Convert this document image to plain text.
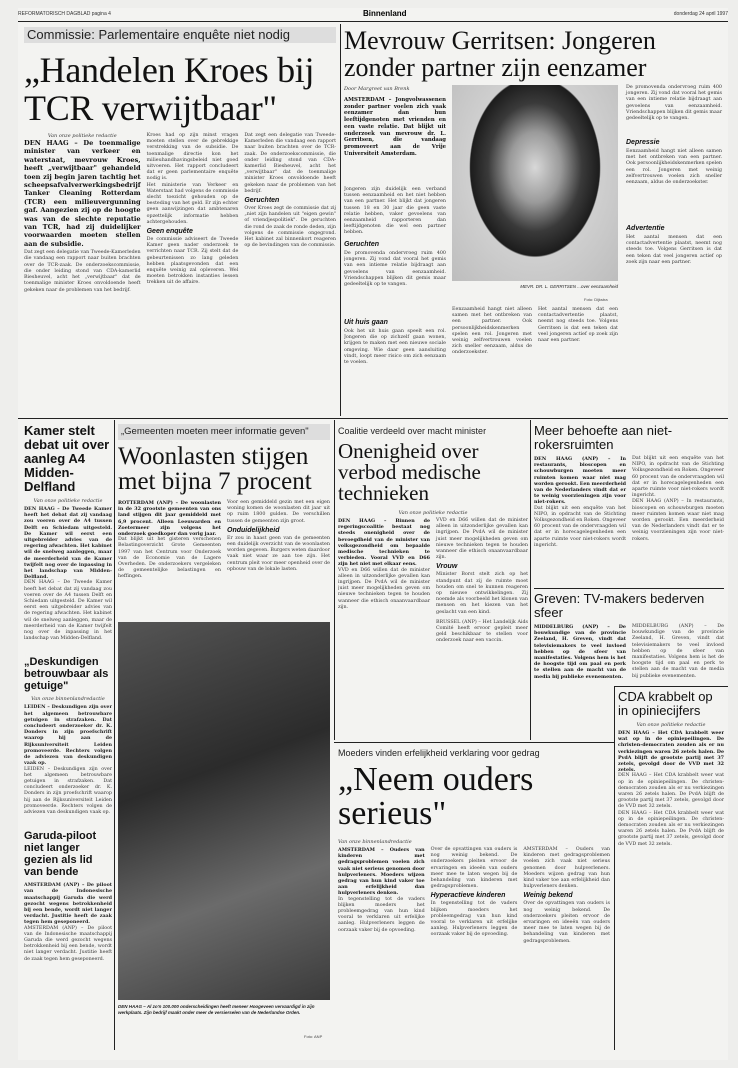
REFORMATORISCH DAGBLAD pagina 4	Binnenland	donderdag 24 april 1997
Commissie: Parlementaire enquête niet nodig
„Handelen Kroes bij TCR verwijtbaar"
Van onze politieke redactie
DEN HAAG – De toenmalige minister van verkeer en waterstaat, mevrouw Kroes, heeft „verwijtbaar" gehandeld toen zij begin jaren tachtig het scheepsafvalverwerkingsbedrijf Tanker Cleaning Rotterdam (TCR) een milieuvergunning gaf. Aangezien zij op de hoogte was van de slechte reputatie van TCR, had zij duidelijker voorwaarden moeten stellen aan de subsidie.
Dat zegt een delegatie van Tweede-Kamerleden die vandaag een rapport naar buiten brachten over de TCR-zaak. De onderzoekscommissie, die onder leiding stond van CDA-kamerlid Biesheuvel, acht het „verwijtbaar" dat de toenmalige minister Kroes onvoldoende heeft gekeken naar de problemen van het bedrijf.
Kroes had op zijn minst vragen moeten stellen over de gebrekkige verstrekking van de subsidie. De toenmalige directie kon het milieuhandhavingsbeleid niet goed uitvoeren. Het rapport concludeert dat er geen parlementaire enquête nodig is.
Het ministerie van Verkeer en Waterstaat had volgens de commissie slecht toezicht gehouden op de besteding van het geld. Er zijn echter geen aanwijzingen dat ambtenaren opzettelijk informatie hebben achtergehouden.
Geen enquête
De commissie adviseert de Tweede Kamer geen nader onderzoek te verrichten naar TCR. Zij stelt dat de gebeurtenissen zo lang geleden hebben plaatsgevonden dat een enquête weinig zal opleveren. Wel moeten betrokken instanties lessen trekken uit de affaire.
Dat zegt een delegatie van Tweede-Kamerleden die vandaag een rapport naar buiten brachten over de TCR-zaak. De onderzoekscommissie, die onder leiding stond van CDA-kamerlid Biesheuvel, acht het „verwijtbaar" dat de toenmalige minister Kroes onvoldoende heeft gekeken naar de problemen van het bedrijf.
Geruchten
Over Kroes zegt de commissie dat zij „niet zijn handelen uit "eigen gewin" of vriendjespolitiek". De geruchten die rond de zaak de ronde deden, zijn volgens de commissie ongegrond. Het kabinet zal binnenkort reageren op de bevindingen van de commissie.
Mevrouw Gerritsen: Jongeren zonder partner zijn eenzamer
Door Margreet van Brenk
AMSTERDAM – Jongvolwassenen zonder partner voelen zich vaak eenzamer dan hun leeftijdgenoten met vrienden en een vaste relatie. Dat blijkt uit onderzoek van mevrouw dr. L. Gerritsen, die vandaag promoveert aan de Vrije Universiteit Amsterdam.
Jongeren zijn duidelijk een verband tussen eenzaamheid en het niet hebben van een partner. Het blijkt dat jongeren tussen 18 en 30 jaar die geen vaste relatie hebben, vaker gevoelens van eenzaamheid rapporteren dan leeftijdgenoten die wel een partner hebben.
Geruchten
De promovenda ondervroeg ruim 400 jongeren. Zij vond dat vooral het gemis van een intieme relatie bijdraagt aan gevoelens van eenzaamheid. Vriendschappen blijken dit gemis maar gedeeltelijk op te vangen.
Uit huis gaan
Ook het uit huis gaan speelt een rol. Jongeren die op zichzelf gaan wonen, krijgen te maken met een nieuwe sociale omgeving. Wie daar geen aansluiting vindt, loopt meer risico om zich eenzaam te voelen.
MEVR. DR. L. GERRITSEN ...over eenzaamheid
Foto: Dijkstra
Eenzaamheid hangt niet alleen samen met het ontbreken van een partner. Ook persoonlijkheidskenmerken spelen een rol. Jongeren met weinig zelfvertrouwen voelen zich sneller eenzaam, aldus de onderzoekster.
Het aantal mensen dat een contactadvertentie plaatst, neemt nog steeds toe. Volgens Gerritsen is dat een teken dat veel jongeren actief op zoek zijn naar een partner.
De promovenda ondervroeg ruim 400 jongeren. Zij vond dat vooral het gemis van een intieme relatie bijdraagt aan gevoelens van eenzaamheid. Vriendschappen blijken dit gemis maar gedeeltelijk op te vangen.
Depressie
Eenzaamheid hangt niet alleen samen met het ontbreken van een partner. Ook persoonlijkheidskenmerken spelen een rol. Jongeren met weinig zelfvertrouwen voelen zich sneller eenzaam, aldus de onderzoekster.
Advertentie
Het aantal mensen dat een contactadvertentie plaatst, neemt nog steeds toe. Volgens Gerritsen is dat een teken dat veel jongeren actief op zoek zijn naar een partner.
Kamer stelt debat uit over aanleg A4 Midden-Delfland
Van onze politieke redactie
DEN HAAG – De Tweede Kamer heeft het debat dat zij vandaag zou voeren over de A4 tussen Delft en Schiedam uitgesteld. De Kamer wil eerst een uitgebreider advies van de regering afwachten. Het kabinet wil de snelweg aanleggen, maar de meerderheid van de Kamer twijfelt nog over de inpassing in het landschap van Midden-Delfland.
DEN HAAG – De Tweede Kamer heeft het debat dat zij vandaag zou voeren over de A4 tussen Delft en Schiedam uitgesteld. De Kamer wil eerst een uitgebreider advies van de regering afwachten. Het kabinet wil de snelweg aanleggen, maar de meerderheid van de Kamer twijfelt nog over de inpassing in het landschap van Midden-Delfland.
„Deskundigen betrouwbaar als getuige"
Van onze binnenlandredactie
LEIDEN – Deskundigen zijn over het algemeen betrouwbare getuigen in strafzaken. Dat concludeert onderzoeker dr. K. Donders in zijn proefschrift waarop hij aan de Rijksuniversiteit Leiden promoveerde. Rechters volgen de adviezen van deskundigen vaak op.
LEIDEN – Deskundigen zijn over het algemeen betrouwbare getuigen in strafzaken. Dat concludeert onderzoeker dr. K. Donders in zijn proefschrift waarop hij aan de Rijksuniversiteit Leiden promoveerde. Rechters volgen de adviezen van deskundigen vaak op.
Garuda-piloot niet langer gezien als lid van bende
AMSTERDAM (ANP) – De piloot van de Indonesische maatschappij Garuda die werd gezocht wegens betrokkenheid bij een bende, wordt niet langer verdacht. Justitie heeft de zaak tegen hem geseponeerd.
AMSTERDAM (ANP) – De piloot van de Indonesische maatschappij Garuda die werd gezocht wegens betrokkenheid bij een bende, wordt niet langer verdacht. Justitie heeft de zaak tegen hem geseponeerd.
„Gemeenten moeten meer informatie geven"
Woonlasten stijgen met bijna 7 procent
ROTTERDAM (ANP) – De woonlasten in de 32 grootste gemeenten van ons land stijgen dit jaar gemiddeld met 6,9 procent. Alleen Leeuwarden en Zoetermeer zijn volgens het onderzoek goedkoper dan vorig jaar.
Dat blijkt uit het gisteren verschenen Belastingoverzicht Grote Gemeenten 1997 van het Centrum voor Onderzoek van de Economie van de Lagere Overheden. De onderzoekers vergeleken de gemeentelijke belastingen en heffingen.
Voor een gemiddeld gezin met een eigen woning komen de woonlasten dit jaar uit op ruim 1800 gulden. De verschillen tussen de gemeenten zijn groot.
Onduidelijkheid
Er zou in haast geen van de gemeenten een duidelijk overzicht van de woonlasten worden gegeven. Burgers weten daardoor vaak niet waar ze aan toe zijn. Het centrum pleit voor meer openheid over de opbouw van de lokale lasten.
DEN HAAG – Al zo'n 100.000 onderscheidingen heeft meneer Hoogeveen vervaardigd in zijn werkplaats. Zijn bedrijf maakt onder meer de versierselen van de Nederlandse Orden.
Foto: ANP
Coalitie verdeeld over macht minister
Onenigheid over verbod medische technieken
Van onze politieke redactie
DEN HAAG – Binnen de regeringscoalitie bestaat nog steeds onenigheid over de bevoegdheid van de minister van volksgezondheid om bepaalde medische technieken te verbieden. Vooral VVD en D66 zijn het niet met elkaar eens.
VVD en D66 willen dat de minister alleen in uitzonderlijke gevallen kan ingrijpen. De PvdA wil de minister juist meer mogelijkheden geven om nieuwe technieken tegen te houden wanneer die ethisch onaanvaardbaar zijn.
VVD en D66 willen dat de minister alleen in uitzonderlijke gevallen kan ingrijpen. De PvdA wil de minister juist meer mogelijkheden geven om nieuwe technieken tegen te houden wanneer die ethisch onaanvaardbaar zijn.
Vrouw
Minister Borst stelt zich op het standpunt dat zij de ruimte moet houden om snel te kunnen reageren op nieuwe ontwikkelingen. Zij noemde als voorbeeld het klonen van mensen en het kiezen van het geslacht van een kind.
BRUSSEL (ANP) – Het Landelijk Aids Comité heeft ervoor gepleit meer geld beschikbaar te stellen voor onderzoek naar een vaccin.
Meer behoefte aan niet-rokersruimten
DEN HAAG (ANP) – In restaurants, bioscopen en schouwburgen moeten meer ruimten komen waar niet mag worden gerookt. Een meerderheid van de Nederlanders vindt dat er te weinig voorzieningen zijn voor niet-rokers.
Dat blijkt uit een enquête van het NIPO, in opdracht van de Stichting Volksgezondheid en Roken. Ongeveer 60 procent van de ondervraagden wil dat er in horecagelegenheden een aparte ruimte voor niet-rokers wordt ingericht.
Dat blijkt uit een enquête van het NIPO, in opdracht van de Stichting Volksgezondheid en Roken. Ongeveer 60 procent van de ondervraagden wil dat er in horecagelegenheden een aparte ruimte voor niet-rokers wordt ingericht.
DEN HAAG (ANP) – In restaurants, bioscopen en schouwburgen moeten meer ruimten komen waar niet mag worden gerookt. Een meerderheid van de Nederlanders vindt dat er te weinig voorzieningen zijn voor niet-rokers.
Greven: TV-makers bederven sfeer
MIDDELBURG (ANP) – De bouwkundige van de provincie Zeeland, H. Greven, vindt dat televisiemakers te veel invloed hebben op de sfeer van manifestaties. Volgens hem is het de hoogste tijd om paal en perk te stellen aan de macht van de media bij publieke evenementen.
MIDDELBURG (ANP) – De bouwkundige van de provincie Zeeland, H. Greven, vindt dat televisiemakers te veel invloed hebben op de sfeer van manifestaties. Volgens hem is het de hoogste tijd om paal en perk te stellen aan de macht van de media bij publieke evenementen.
Moeders vinden erfelijkheid verklaring voor gedrag
„Neem ouders serieus"
Van onze binnenlandredactie
AMSTERDAM – Ouders van kinderen met gedragsproblemen voelen zich vaak niet serieus genomen door hulpverleners. Moeders wijzen gedrag van hun kind vaker toe aan erfelijkheid dan hulpverleners denken.
In tegenstelling tot de vaders blijken moeders het probleemgedrag van hun kind vooral te verklaren uit erfelijke aanleg. Hulpverleners leggen de oorzaak vaker bij de opvoeding.
Over de opvattingen van ouders is nog weinig bekend. De onderzoekers pleiten ervoor de ervaringen en ideeën van ouders meer mee te laten wegen bij de behandeling van kinderen met gedragsproblemen.
Hyperactieve kinderen
In tegenstelling tot de vaders blijken moeders het probleemgedrag van hun kind vooral te verklaren uit erfelijke aanleg. Hulpverleners leggen de oorzaak vaker bij de opvoeding.
AMSTERDAM – Ouders van kinderen met gedragsproblemen voelen zich vaak niet serieus genomen door hulpverleners. Moeders wijzen gedrag van hun kind vaker toe aan erfelijkheid dan hulpverleners denken.
Weinig bekend
Over de opvattingen van ouders is nog weinig bekend. De onderzoekers pleiten ervoor de ervaringen en ideeën van ouders meer mee te laten wegen bij de behandeling van kinderen met gedragsproblemen.
CDA krabbelt op in opiniecijfers
Van onze politieke redactie
DEN HAAG – Het CDA krabbelt weer wat op in de opiniepeilingen. De christen-democraten zouden als er nu verkiezingen waren 26 zetels halen. De PvdA blijft de grootste partij met 37 zetels, gevolgd door de VVD met 32 zetels.
DEN HAAG – Het CDA krabbelt weer wat op in de opiniepeilingen. De christen-democraten zouden als er nu verkiezingen waren 26 zetels halen. De PvdA blijft de grootste partij met 37 zetels, gevolgd door de VVD met 32 zetels.
DEN HAAG – Het CDA krabbelt weer wat op in de opiniepeilingen. De christen-democraten zouden als er nu verkiezingen waren 26 zetels halen. De PvdA blijft de grootste partij met 37 zetels, gevolgd door de VVD met 32 zetels.
